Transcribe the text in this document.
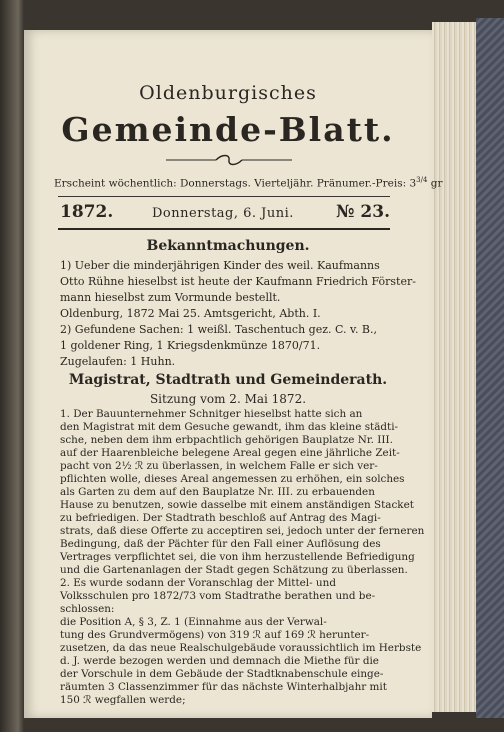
Oldenburgisches
Gemeinde-Blatt.
Erscheint wöchentlich: Donnerstags. Vierteljähr. Pränumer.-Preis: $3^{3/4}$ gr
1872.	Donnerstag, 6. Juni. № 23.
Bekanntmachungen.
1) Ueber die minderjährigen Kinder des weil. Kaufmanns
Otto Rühne hieselbst ist heute der Kaufmann Friedrich Förster-
mann hieselbst zum Vormunde bestellt.
Oldenburg, 1872 Mai 25. Amtsgericht, Abth. I.
2) Gefundene Sachen: 1 weißl. Taschentuch gez. C. v. B.,
1 goldener Ring, 1 Kriegsdenkmünze 1870/71.
Zugelaufen: 1 Huhn.
Magistrat, Stadtrath und Gemeinderath.
Sitzung vom 2. Mai 1872.
1. Der Bauunternehmer Schnitger hieselbst hatte sich an
den Magistrat mit dem Gesuche gewandt, ihm das kleine städti-
sche, neben dem ihm erbpachtlich gehörigen Bauplatze Nr. III.
auf der Haarenbleiche belegene Areal gegen eine jährliche Zeit-
pacht von 2½ ℛ zu überlassen, in welchem Falle er sich ver-
pflichten wolle, dieses Areal angemessen zu erhöhen, ein solches
als Garten zu dem auf den Bauplatze Nr. III. zu erbauenden
Hause zu benutzen, sowie dasselbe mit einem anständigen Stacket
zu befriedigen. Der Stadtrath beschloß auf Antrag des Magi-
strats, daß diese Offerte zu acceptiren sei, jedoch unter der ferneren
Bedingung, daß der Pächter für den Fall einer Auflösung des
Vertrages verpflichtet sei, die von ihm herzustellende Befriedigung
und die Gartenanlagen der Stadt gegen Schätzung zu überlassen.
2. Es wurde sodann der Voranschlag der Mittel- und
Volksschulen pro 1872/73 vom Stadtrathe berathen und be-
schlossen:
die Position A, § 3, Z. 1 (Einnahme aus der Verwal-
tung des Grundvermögens) von 319 ℛ auf 169 ℛ herunter-
zusetzen, da das neue Realschulgebäude voraussichtlich im Herbste
d. J. werde bezogen werden und demnach die Miethe für die
der Vorschule in dem Gebäude der Stadtknabenschule einge-
räumten 3 Classenzimmer für das nächste Winterhalbjahr mit
150 ℛ wegfallen werde;
